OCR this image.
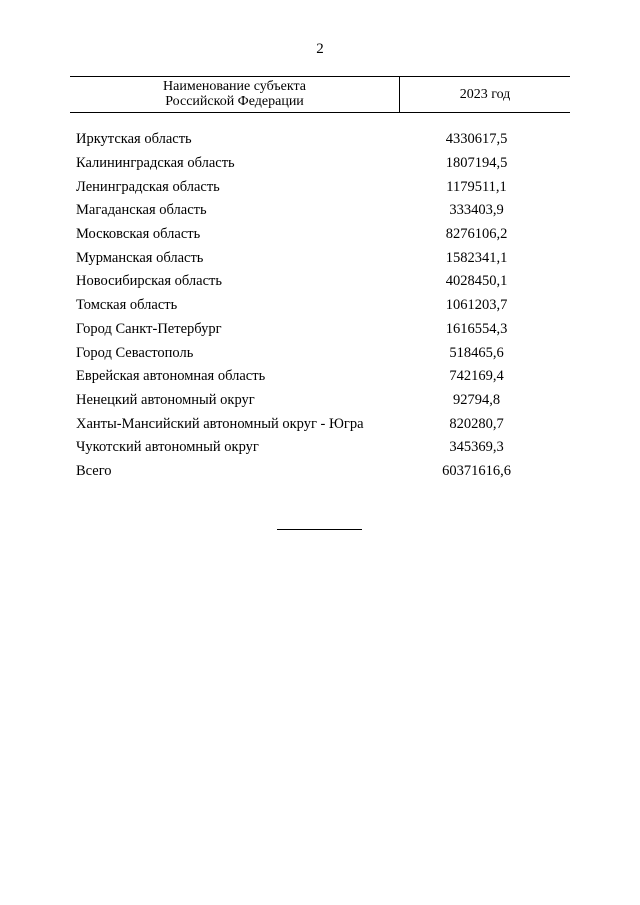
2
Наименование субъекта
Российской Федерации	2023 год
Иркутская область	4330617,5
Калининградская область	1807194,5
Ленинградская область	1179511,1
Магаданская область	333403,9
Московская область	8276106,2
Мурманская область	1582341,1
Новосибирская область	4028450,1
Томская область	1061203,7
Город Санкт-Петербург	1616554,3
Город Севастополь	518465,6
Еврейская автономная область	742169,4
Ненецкий автономный округ	92794,8
Ханты-Мансийский автономный округ - Югра	820280,7
Чукотский автономный округ	345369,3
Всего	60371616,6
